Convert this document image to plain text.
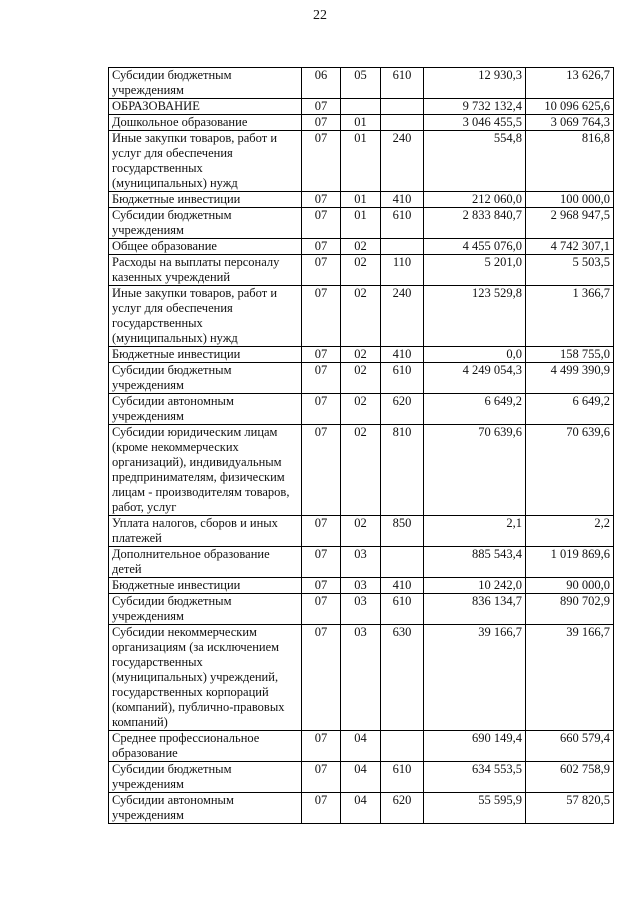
22
Субсидии бюджетным учреждениям	06	05	610	12 930,3	13 626,7
ОБРАЗОВАНИЕ	07			9 732 132,4	10 096 625,6
Дошкольное образование	07	01		3 046 455,5	3 069 764,3
Иные закупки товаров, работ и услуг для обеспечения государственных (муниципальных) нужд	07	01	240	554,8	816,8
Бюджетные инвестиции	07	01	410	212 060,0	100 000,0
Субсидии бюджетным учреждениям	07	01	610	2 833 840,7	2 968 947,5
Общее образование	07	02		4 455 076,0	4 742 307,1
Расходы на выплаты персоналу казенных учреждений	07	02	110	5 201,0	5 503,5
Иные закупки товаров, работ и услуг для обеспечения государственных (муниципальных) нужд	07	02	240	123 529,8	1 366,7
Бюджетные инвестиции	07	02	410	0,0	158 755,0
Субсидии бюджетным учреждениям	07	02	610	4 249 054,3	4 499 390,9
Субсидии автономным учреждениям	07	02	620	6 649,2	6 649,2
Субсидии юридическим лицам (кроме некоммерческих организаций), индивидуальным предпринимателям, физическим лицам - производителям товаров, работ, услуг	07	02	810	70 639,6	70 639,6
Уплата налогов, сборов и иных платежей	07	02	850	2,1	2,2
Дополнительное образование детей	07	03		885 543,4	1 019 869,6
Бюджетные инвестиции	07	03	410	10 242,0	90 000,0
Субсидии бюджетным учреждениям	07	03	610	836 134,7	890 702,9
Субсидии некоммерческим организациям (за исключением государственных (муниципальных) учреждений, государственных корпораций (компаний), публично-правовых компаний)	07	03	630	39 166,7	39 166,7
Среднее профессиональное образование	07	04		690 149,4	660 579,4
Субсидии бюджетным учреждениям	07	04	610	634 553,5	602 758,9
Субсидии автономным учреждениям	07	04	620	55 595,9	57 820,5
